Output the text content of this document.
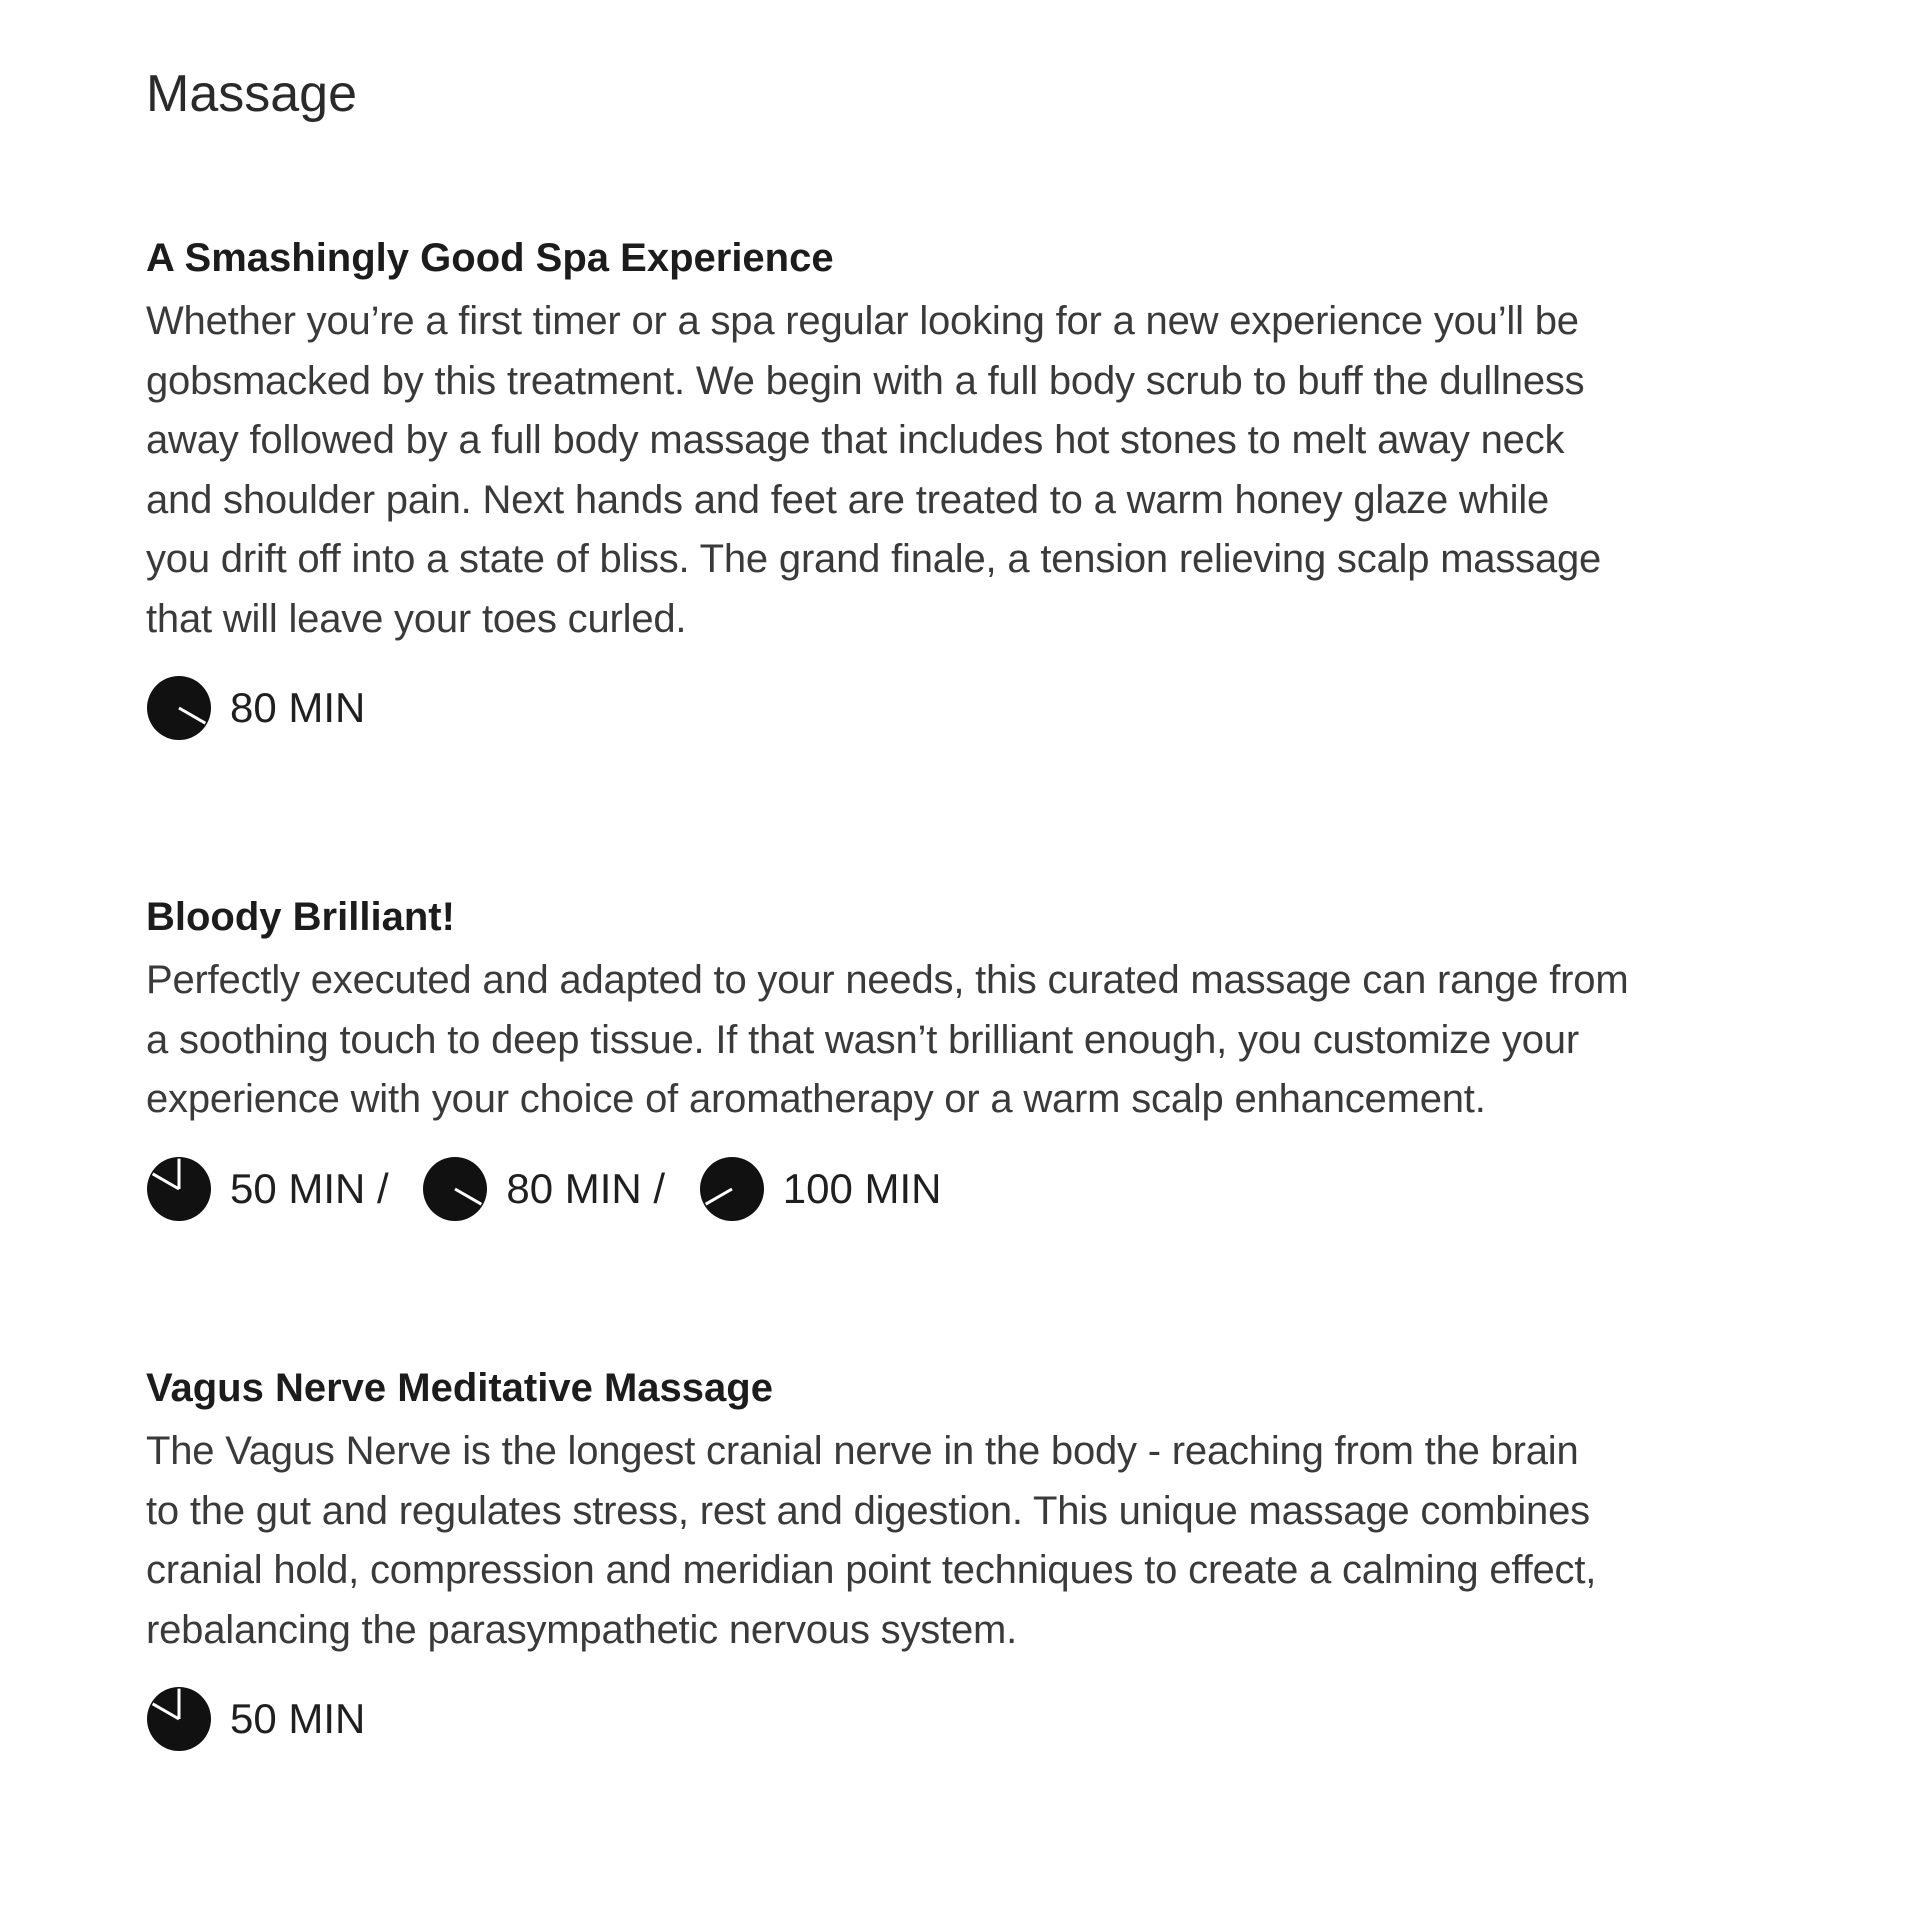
Massage
A Smashingly Good Spa Experience

Whether you’re a first timer or a spa regular looking for a new experience you’ll be
gobsmacked by this treatment. We begin with a full body scrub to buff the dullness
away followed by a full body massage that includes hot stones to melt away neck
and shoulder pain. Next hands and feet are treated to a warm honey glaze while
you drift off into a state of bliss. The grand finale, a tension relieving scalp massage
that will leave your toes curled.

80 MIN
Bloody Brilliant!

Perfectly executed and adapted to your needs, this curated massage can range from
a soothing touch to deep tissue. If that wasn’t brilliant enough, you customize your
experience with your choice of aromatherapy or a warm scalp enhancement.

50 MIN /	80 MIN /	100 MIN
Vagus Nerve Meditative Massage

The Vagus Nerve is the longest cranial nerve in the body - reaching from the brain
to the gut and regulates stress, rest and digestion. This unique massage combines
cranial hold, compression and meridian point techniques to create a calming effect,
rebalancing the parasympathetic nervous system.

50 MIN
